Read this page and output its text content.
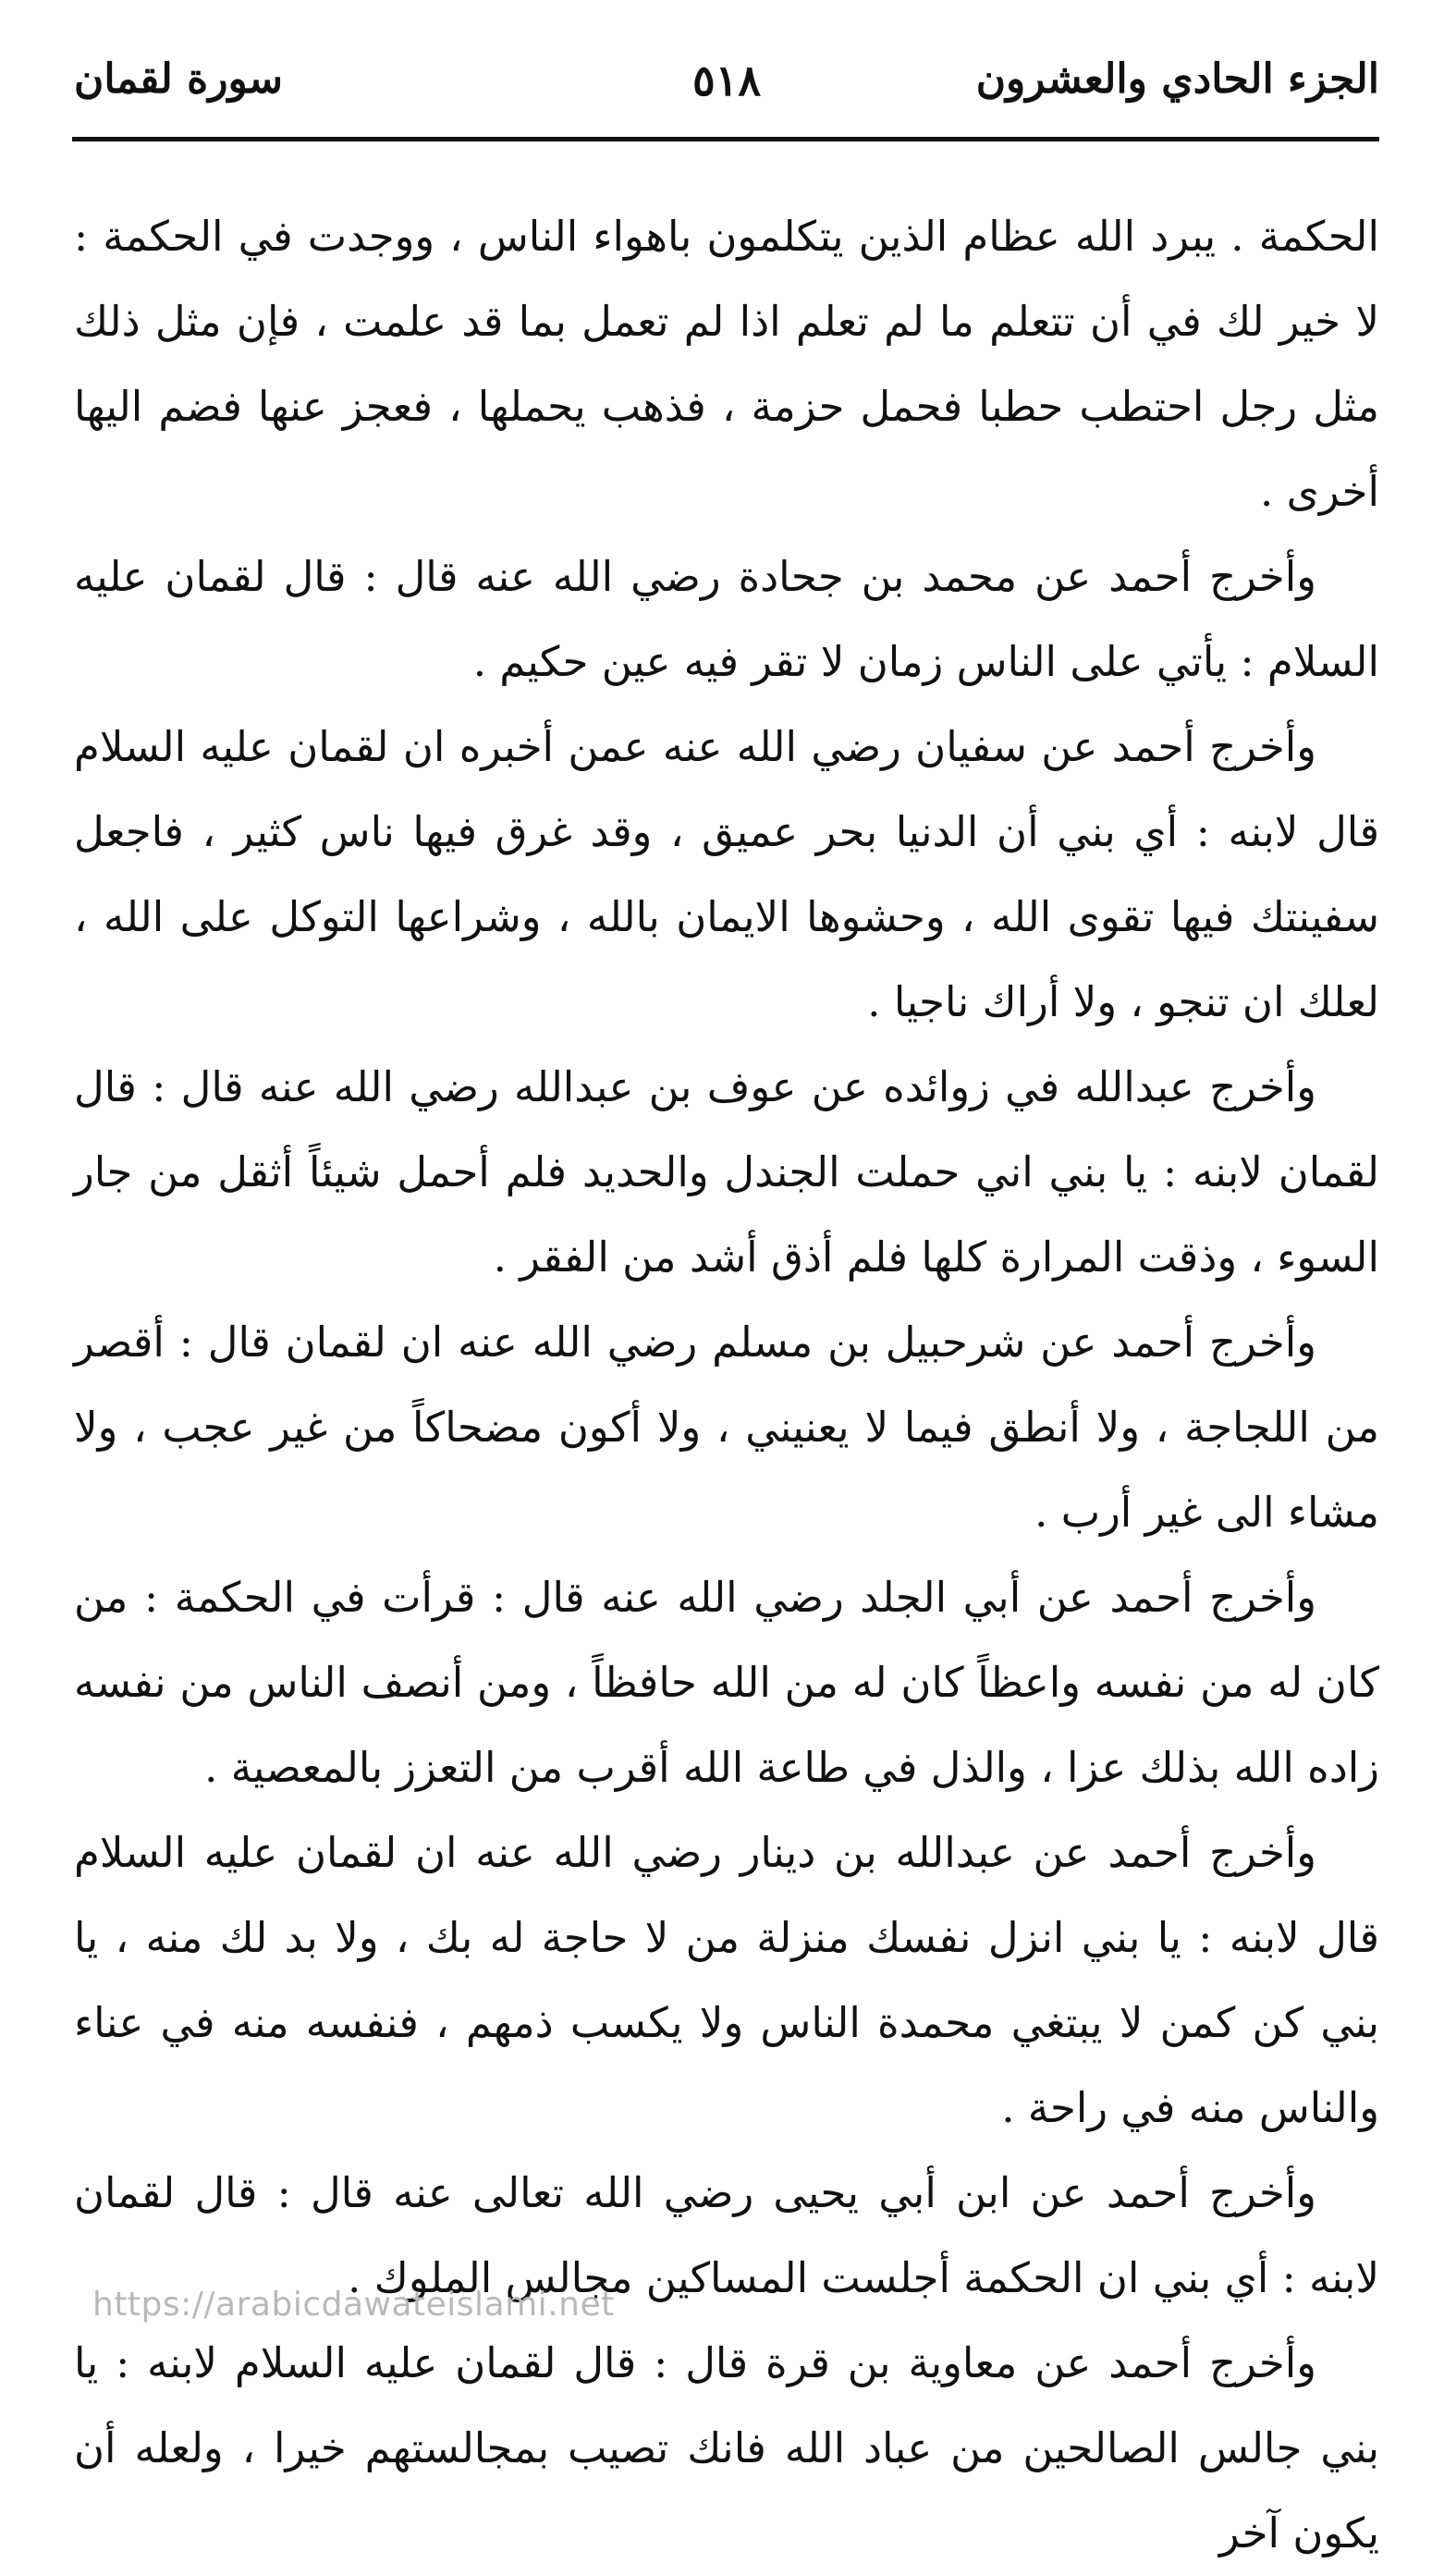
الجزء الحادي والعشرون
٥١٨
سورة لقمان

الحكمة . يبرد الله عظام الذين يتكلمون باهواء الناس ، ووجدت في الحكمة : لا خير لك في أن تتعلم ما لم تعلم اذا لم تعمل بما قد علمت ، فإن مثل ذلك مثل رجل احتطب حطبا فحمل حزمة ، فذهب يحملها ، فعجز عنها فضم اليها أخرى .

وأخرج أحمد عن محمد بن جحادة رضي الله عنه قال : قال لقمان عليه السلام : يأتي على الناس زمان لا تقر فيه عين حكيم .

وأخرج أحمد عن سفيان رضي الله عنه عمن أخبره ان لقمان عليه السلام قال لابنه : أي بني أن الدنيا بحر عميق ، وقد غرق فيها ناس كثير ، فاجعل سفينتك فيها تقوى الله ، وحشوها الايمان بالله ، وشراعها التوكل على الله ، لعلك ان تنجو ، ولا أراك ناجيا .

وأخرج عبدالله في زوائده عن عوف بن عبدالله رضي الله عنه قال : قال لقمان لابنه : يا بني اني حملت الجندل والحديد فلم أحمل شيئاً أثقل من جار السوء ، وذقت المرارة كلها فلم أذق أشد من الفقر .

وأخرج أحمد عن شرحبيل بن مسلم رضي الله عنه ان لقمان قال : أقصر من اللجاجة ، ولا أنطق فيما لا يعنيني ، ولا أكون مضحاكاً من غير عجب ، ولا مشاء الى غير أرب .

وأخرج أحمد عن أبي الجلد رضي الله عنه قال : قرأت في الحكمة : من كان له من نفسه واعظاً كان له من الله حافظاً ، ومن أنصف الناس من نفسه زاده الله بذلك عزا ، والذل في طاعة الله أقرب من التعزز بالمعصية .

وأخرج أحمد عن عبدالله بن دينار رضي الله عنه ان لقمان عليه السلام قال لابنه : يا بني انزل نفسك منزلة من لا حاجة له بك ، ولا بد لك منه ، يا بني كن كمن لا يبتغي محمدة الناس ولا يكسب ذمهم ، فنفسه منه في عناء والناس منه في راحة .

وأخرج أحمد عن ابن أبي يحيى رضي الله تعالى عنه قال : قال لقمان لابنه : أي بني ان الحكمة أجلست المساكين مجالس الملوك .

وأخرج أحمد عن معاوية بن قرة قال : قال لقمان عليه السلام لابنه : يا بني جالس الصالحين من عباد الله فانك تصيب بمجالستهم خيرا ، ولعله أن يكون آخر

https://arabicdawateislami.net
